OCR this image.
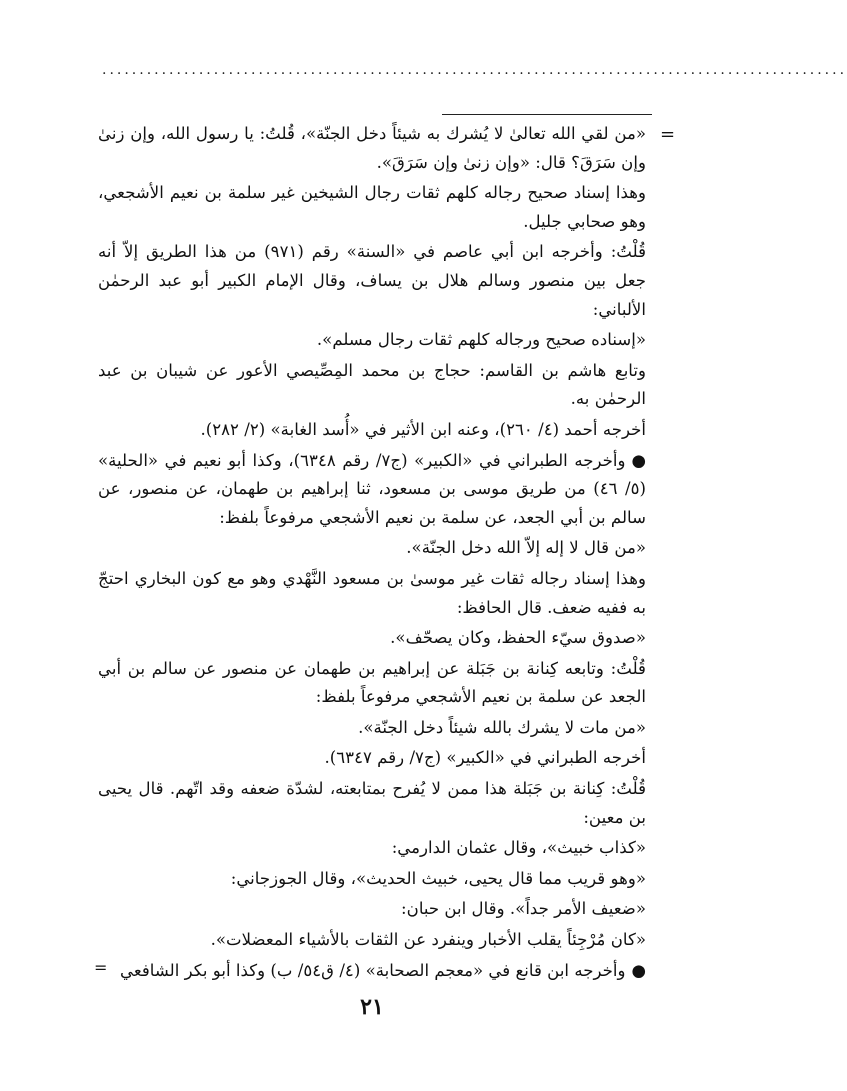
....................................................................................................
=

«من لقي الله تعالىٰ لا يُشرك به شيئاً دخل الجنّة»، قُلتُ: يا رسول الله، وإن زنىٰ وإن سَرَقَ؟ قال: «وإن زنىٰ وإن سَرَقَ».

وهذا إسناد صحيح رجاله كلهم ثقات رجال الشيخين غير سلمة بن نعيم الأشجعي، وهو صحابي جليل.

قُلْتُ: وأخرجه ابن أبي عاصم في «السنة» رقم (٩٧١) من هذا الطريق إلاّ أنه جعل بين منصور وسالم هلال بن يساف، وقال الإمام الكبير أبو عبد الرحمٰن الألباني:

«إسناده صحيح ورجاله كلهم ثقات رجال مسلم».

وتابع هاشم بن القاسم: حجاج بن محمد المِصِّيصي الأعور عن شيبان بن عبد الرحمٰن به.

أخرجه أحمد (٤/ ٢٦٠)، وعنه ابن الأثير في «أُسد الغابة» (٢/ ٢٨٢).

●وأخرجه الطبراني في «الكبير» (ج٧/ رقم ٦٣٤٨)، وكذا أبو نعيم في «الحلية» (٥/ ٤٦) من طريق موسى بن مسعود، ثنا إبراهيم بن طهمان، عن منصور، عن سالم بن أبي الجعد، عن سلمة بن نعيم الأشجعي مرفوعاً بلفظ:

«من قال لا إله إلاّ الله دخل الجنّة».

وهذا إسناد رجاله ثقات غير موسىٰ بن مسعود النَّهْدي وهو مع كون البخاري احتجّ به ففيه ضعف. قال الحافظ:

«صدوق سيّء الحفظ، وكان يصحّف».

قُلْتُ: وتابعه كِنانة بن جَبَلة عن إبراهيم بن طهمان عن منصور عن سالم بن أبي الجعد عن سلمة بن نعيم الأشجعي مرفوعاً بلفظ:

«من مات لا يشرك بالله شيئاً دخل الجنّة».

أخرجه الطبراني في «الكبير» (ج٧/ رقم ٦٣٤٧).

قُلْتُ: كِنانة بن جَبَلة هذا ممن لا يُفرح بمتابعته، لشدّة ضعفه وقد اتّهم. قال يحيى بن معين:

«كذاب خبيث»، وقال عثمان الدارمي:

«وهو قريب مما قال يحيى، خبيث الحديث»، وقال الجوزجاني:

«ضعيف الأمر جداً». وقال ابن حبان:

«كان مُرْجِئاً يقلب الأخبار وينفرد عن الثقات بالأشياء المعضلات».

●وأخرجه ابن قانع في «معجم الصحابة» (٤/ ق٥٤/ ب) وكذا أبو بكر الشافعي

=
٢١
